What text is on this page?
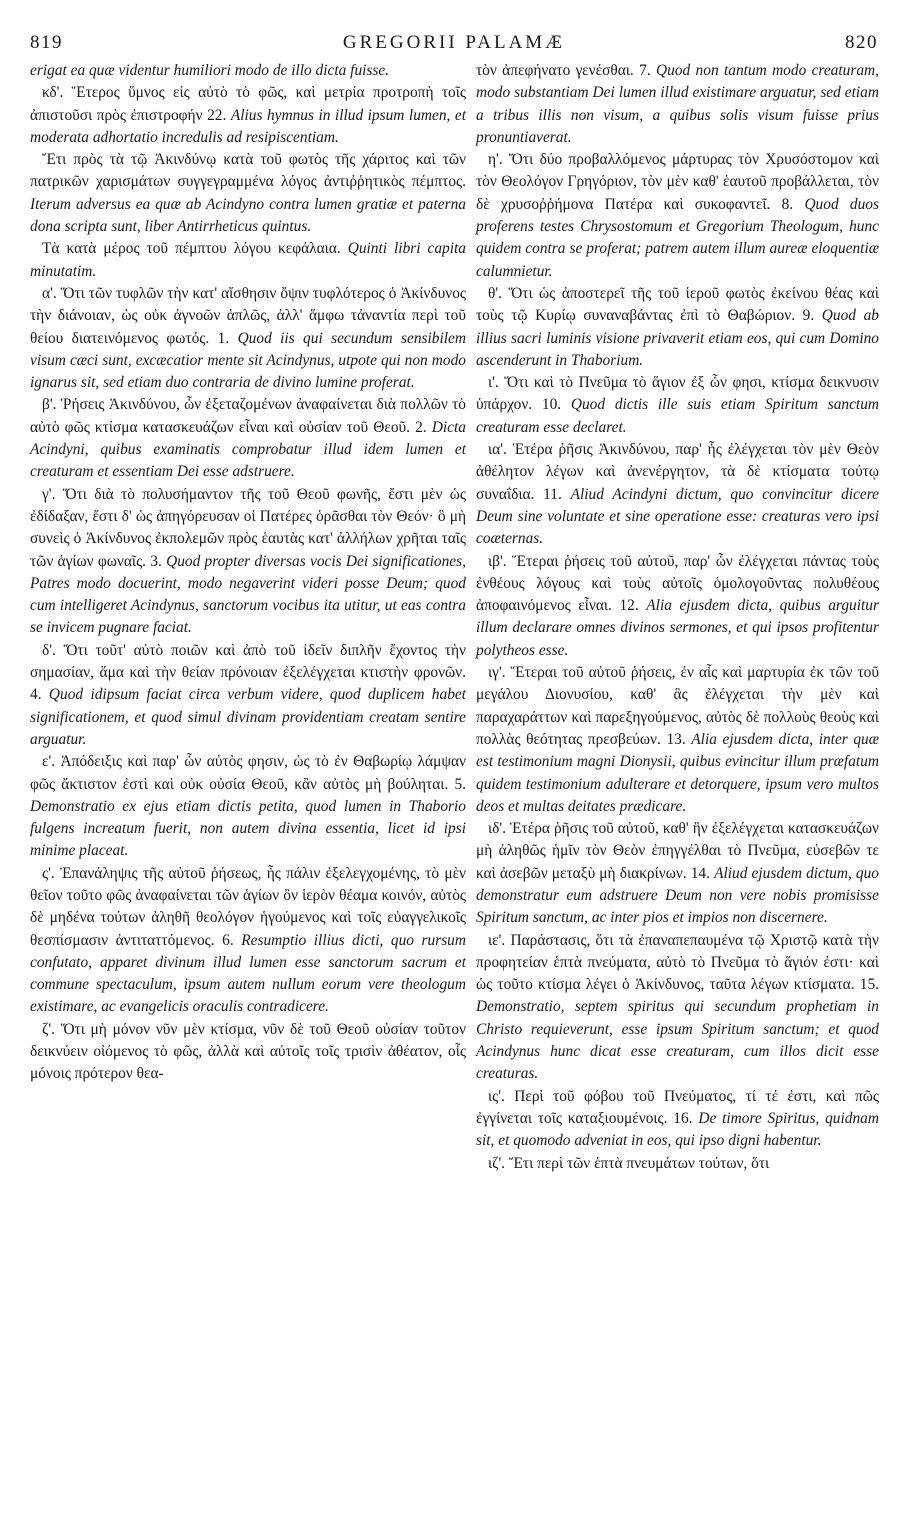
819	GREGORII PALAMÆ	820

erigat ea quæ videntur humiliori modo de illo dicta fuisse.

κδ'. Ἕτερος ὕμνος εἰς αὐτὸ τὸ φῶς, καὶ μετρία προτροπὴ τοῖς ἀπιστοῦσι πρὸς ἐπιστροφήν 22. Alius hymnus in illud ipsum lumen, et moderata adhortatio incredulis ad resipiscentiam.

Ἔτι πρὸς τὰ τῷ Ἀκινδύνῳ κατὰ τοῦ φωτὸς τῆς χάριτος καὶ τῶν πατρικῶν χαρισμάτων συγγεγραμμένα λόγος ἀντιῤῥητικὸς πέμπτος. Iterum adversus ea quæ ab Acindyno contra lumen gratiæ et paterna dona scripta sunt, liber Antirrheticus quintus.

Τὰ κατὰ μέρος τοῦ πέμπτου λόγου κεφάλαια. Quinti libri capita minutatim.

α'. Ὅτι τῶν τυφλῶν τὴν κατ' αἴσθησιν ὄψιν τυφλότερος ὁ Ἀκίνδυνος τὴν διάνοιαν, ὡς οὐκ ἀγνοῶν ἁπλῶς, ἀλλ' ἅμφω τἀναντία περὶ τοῦ θείου διατεινόμενος φωτός. 1. Quod iis qui secundum sensibilem visum cæci sunt, excæcatior mente sit Acindynus, utpote qui non modo ignarus sit, sed etiam duo contraria de divino lumine proferat.

β'. Ῥήσεις Ἀκινδύνου, ὧν ἐξεταζομένων ἀναφαίνεται διὰ πολλῶν τὸ αὐτὸ φῶς κτίσμα κατασκευάζων εἶναι καὶ οὐσίαν τοῦ Θεοῦ. 2. Dicta Acindyni, quibus examinatis comprobatur illud idem lumen et creaturam et essentiam Dei esse adstruere.

γ'. Ὅτι διὰ τὸ πολυσήμαντον τῆς τοῦ Θεοῦ φωνῆς, ἔστι μὲν ὡς ἐδίδαξαν, ἔστι δ' ὡς ἀπηγόρευσαν οἱ Πατέρες ὁρᾶσθαι τὸν Θεόν· ὃ μὴ συνεὶς ὁ Ἀκίνδυνος ἐκπολεμῶν πρὸς ἑαυτὰς κατ' ἀλλήλων χρῆται ταῖς τῶν ἁγίων φωναῖς. 3. Quod propter diversas vocis Dei significationes, Patres modo docuerint, modo negaverint videri posse Deum; quod cum intelligeret Acindynus, sanctorum vocibus ita utitur, ut eas contra se invicem pugnare faciat.

δ'. Ὅτι τοῦτ' αὐτὸ ποιῶν καὶ ἀπὸ τοῦ ἰδεῖν διπλῆν ἔχοντος τὴν σημασίαν, ἅμα καὶ τὴν θείαν πρόνοιαν ἐξελέγχεται κτιστὴν φρονῶν. 4. Quod idipsum faciat circa verbum videre, quod duplicem habet significationem, et quod simul divinam providentiam creatam sentire arguatur.

ε'. Ἀπόδειξις καὶ παρ' ὧν αὐτὸς φησιν, ὡς τὸ ἐν Θαβωρίῳ λάμψαν φῶς ἄκτιστον ἐστὶ καὶ οὐκ οὐσία Θεοῦ, κἂν αὐτὸς μὴ βούληται. 5. Demonstratio ex ejus etiam dictis petita, quod lumen in Thaborio fulgens increatum fuerit, non autem divina essentia, licet id ipsi minime placeat.

ς'. Ἐπανάληψις τῆς αὐτοῦ ῥήσεως, ἧς πάλιν ἐξελεγχομένης, τὸ μὲν θεῖον τοῦτο φῶς ἀναφαίνεται τῶν ἁγίων ὂν ἱερὸν θέαμα κοινόν, αὐτὸς δὲ μηδένα τούτων ἀληθῆ θεολόγον ἡγούμενος καὶ τοῖς εὐαγγελικοῖς θεσπίσμασιν ἀντιταττόμενος. 6. Resumptio illius dicti, quo rursum confutato, apparet divinum illud lumen esse sanctorum sacrum et commune spectaculum, ipsum autem nullum eorum vere theologum existimare, ac evangelicis oraculis contradicere.

ζ'. Ὅτι μὴ μόνον νῦν μὲν κτίσμα, νῦν δὲ τοῦ Θεοῦ οὐσίαν τοῦτον δεικνύειν οἰόμενος τὸ φῶς, ἀλλὰ καὶ αὐτοῖς τοῖς τρισὶν ἀθέατον, οἷς μόνοις πρότερον θεα-

τὸν ἀπεφήνατο γενέσθαι. 7. Quod non tantum modo creaturam, modo substantiam Dei lumen illud existimare arguatur, sed etiam a tribus illis non visum, a quibus solis visum fuisse prius pronuntiaverat.

η'. Ὅτι δύο προβαλλόμενος μάρτυρας τὸν Χρυσόστομον καὶ τὸν Θεολόγον Γρηγόριον, τὸν μὲν καθ' ἑαυτοῦ προβάλλεται, τὸν δὲ χρυσοῤῥήμονα Πατέρα καὶ συκοφαντεῖ. 8. Quod duos proferens testes Chrysostomum et Gregorium Theologum, hunc quidem contra se proferat; patrem autem illum aureæ eloquentiæ calumnietur.

θ'. Ὅτι ὡς ἀποστερεῖ τῆς τοῦ ἱεροῦ φωτὸς ἐκείνου θέας καὶ τοὺς τῷ Κυρίῳ συναναβάντας ἐπὶ τὸ Θαβώριον. 9. Quod ab illius sacri luminis visione privaverit etiam eos, qui cum Domino ascenderunt in Thaborium.

ι'. Ὅτι καὶ τὸ Πνεῦμα τὸ ἅγιον ἐξ ὧν φησι, κτίσμα δεικνυσιν ὑπάρχον. 10. Quod dictis ille suis etiam Spiritum sanctum creaturam esse declaret.

ια'. Ἑτέρα ῥῆσις Ἀκινδύνου, παρ' ἧς ἐλέγχεται τὸν μὲν Θεὸν ἀθέλητον λέγων καὶ ἀνενέργητον, τὰ δὲ κτίσματα τούτῳ συναΐδια. 11. Aliud Acindyni dictum, quo convincitur dicere Deum sine voluntate et sine operatione esse: creaturas vero ipsi coæternas.

ιβ'. Ἕτεραι ῥήσεις τοῦ αὐτοῦ, παρ' ὧν ἐλέγχεται πάντας τοὺς ἐνθέους λόγους καὶ τοὺς αὐτοῖς ὁμολογοῦντας πολυθέους ἀποφαινόμενος εἶναι. 12. Alia ejusdem dicta, quibus arguitur illum declarare omnes divinos sermones, et qui ipsos profitentur polytheos esse.

ιγ'. Ἕτεραι τοῦ αὐτοῦ ῥήσεις, ἐν αἷς καὶ μαρτυρία ἐκ τῶν τοῦ μεγάλου Διονυσίου, καθ' ἃς ἐλέγχεται τὴν μὲν καὶ παραχαράττων καὶ παρεξηγούμενος, αὐτὸς δὲ πολλοὺς θεοὺς καὶ πολλὰς θεότητας πρεσβεύων. 13. Alia ejusdem dicta, inter quæ est testimonium magni Dionysii, quibus evincitur illum præfatum quidem testimonium adulterare et detorquere, ipsum vero multos deos et multas deitates prædicare.

ιδ'. Ἑτέρα ῥῆσις τοῦ αὐτοῦ, καθ' ἣν ἐξελέγχεται κατασκευάζων μὴ ἀληθῶς ἡμῖν τὸν Θεὸν ἐπηγγέλθαι τὸ Πνεῦμα, εὐσεβῶν τε καὶ ἀσεβῶν μεταξὺ μὴ διακρίνων. 14. Aliud ejusdem dictum, quo demonstratur eum adstruere Deum non vere nobis promisisse Spiritum sanctum, ac inter pios et impios non discernere.

ιε'. Παράστασις, ὅτι τὰ ἐπαναπεπαυμένα τῷ Χριστῷ κατὰ τὴν προφητείαν ἑπτὰ πνεύματα, αὐτὸ τὸ Πνεῦμα τὸ ἅγιόν ἐστι· καὶ ὡς τοῦτο κτίσμα λέγει ὁ Ἀκίνδυνος, ταῦτα λέγων κτίσματα. 15. Demonstratio, septem spiritus qui secundum prophetiam in Christo requieverunt, esse ipsum Spiritum sanctum; et quod Acindynus hunc dicat esse creaturam, cum illos dicit esse creaturas.

ις'. Περὶ τοῦ φόβου τοῦ Πνεύματος, τί τέ ἐστι, καὶ πῶς ἐγγίνεται τοῖς καταξιουμένοις. 16. De timore Spiritus, quidnam sit, et quomodo adveniat in eos, qui ipso digni habentur.

ιζ'. Ἔτι περὶ τῶν ἑπτὰ πνευμάτων τούτων, ὅτι
